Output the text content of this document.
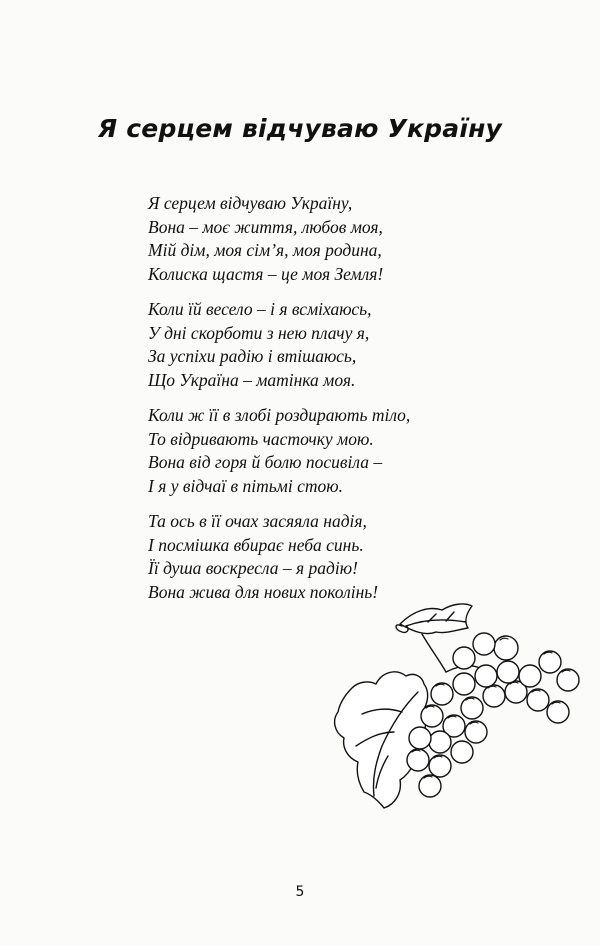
Я серцем відчуваю Україну
Я серцем відчуваю Україну,
Вона – моє життя, любов моя,
Мій дім, моя сім’я, моя родина,
Колиска щастя – це моя Земля!
Коли їй весело – і я всміхаюсь,
У дні скорботи з нею плачу я,
За успіхи радію і втішаюсь,
Що Україна – матінка моя.
Коли ж її в злобі роздирають тіло,
То відривають часточку мою.
Вона від горя й болю посивіла –
І я у відчаї в пітьмі стою.
Та ось в її очах засяяла надія,
І посмішка вбирає неба синь.
Її душа воскресла – я радію!
Вона жива для нових поколінь!
5
